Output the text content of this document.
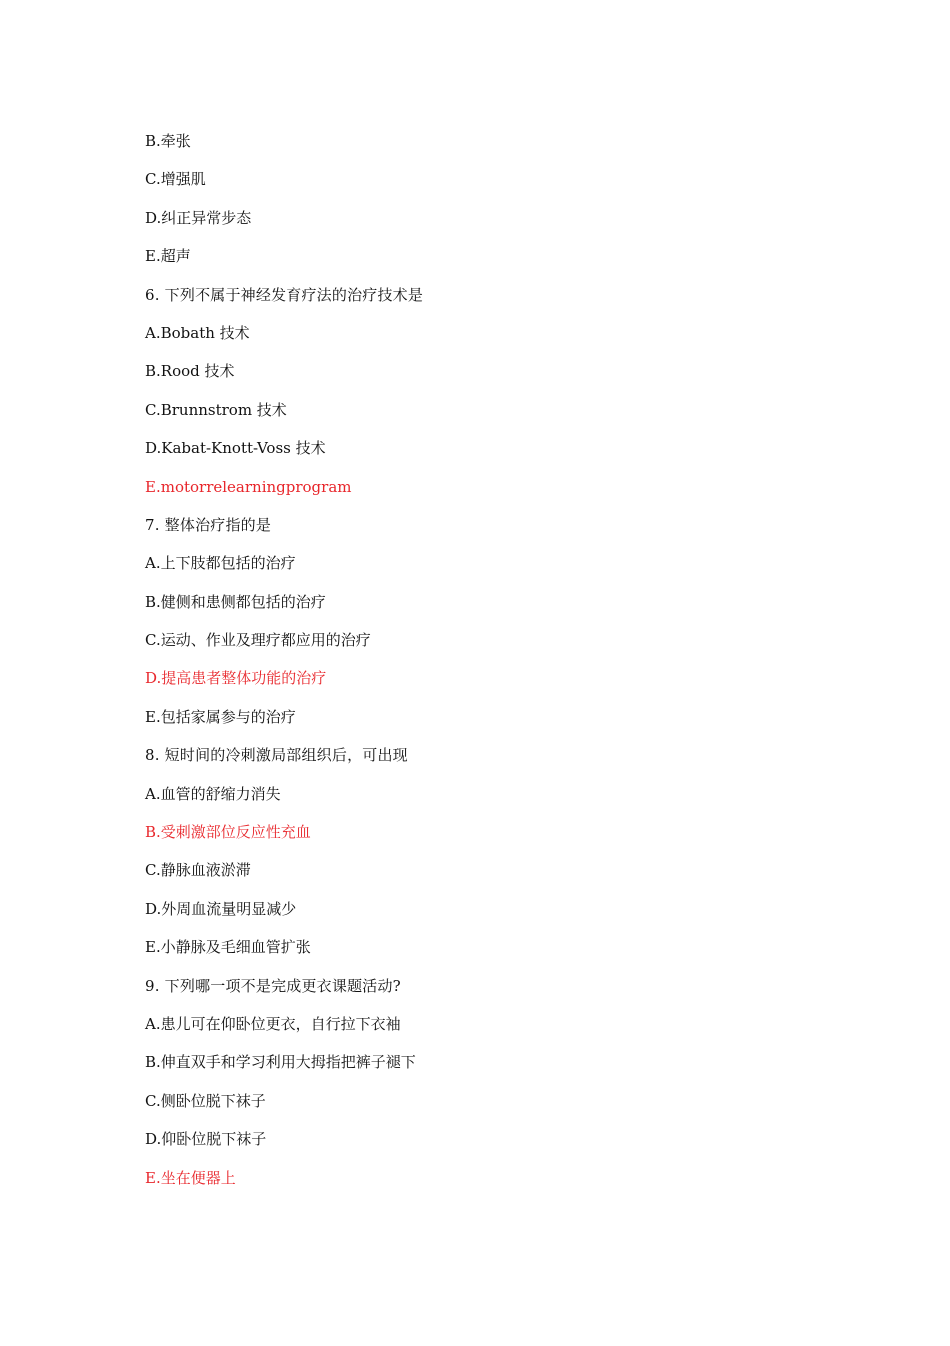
B.牵张
C.增强肌
D.纠正异常步态
E.超声
6. 下列不属于神经发育疗法的治疗技术是
A.Bobath 技术
B.Rood 技术
C.Brunnstrom 技术
D.Kabat-Knott-Voss 技术
E.motorrelearningprogram
7. 整体治疗指的是
A.上下肢都包括的治疗
B.健侧和患侧都包括的治疗
C.运动、作业及理疗都应用的治疗
D.提高患者整体功能的治疗
E.包括家属参与的治疗
8. 短时间的冷刺激局部组织后，可出现
A.血管的舒缩力消失
B.受刺激部位反应性充血
C.静脉血液淤滞
D.外周血流量明显减少
E.小静脉及毛细血管扩张
9. 下列哪一项不是完成更衣课题活动?
A.患儿可在仰卧位更衣，自行拉下衣袖
B.伸直双手和学习利用大拇指把裤子褪下
C.侧卧位脱下袜子
D.仰卧位脱下袜子
E.坐在便器上
